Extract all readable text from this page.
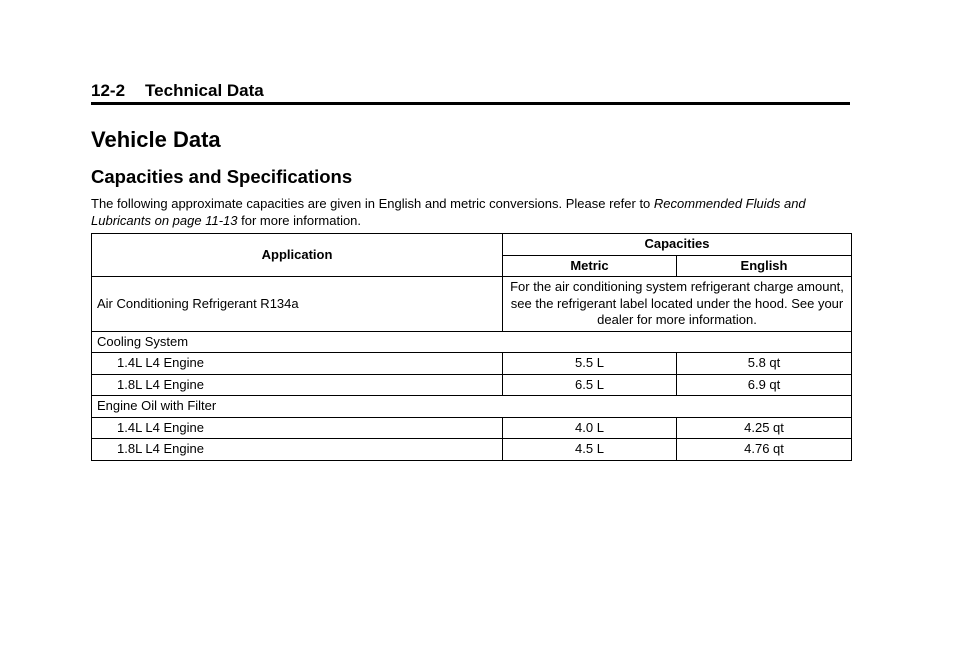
12-2 Technical Data
Vehicle Data
Capacities and Specifications

The following approximate capacities are given in English and metric conversions. Please refer to Recommended Fluids and Lubricants on page 11-13 for more information.

Application	Capacities	
	Metric	English
Air Conditioning Refrigerant R134a	For the air conditioning system refrigerant charge amount, see the refrigerant label located under the hood. See your dealer for more information.	
Cooling System		
1.4L L4 Engine	5.5 L	5.8 qt
1.8L L4 Engine	6.5 L	6.9 qt
Engine Oil with Filter		
1.4L L4 Engine	4.0 L	4.25 qt
1.8L L4 Engine	4.5 L	4.76 qt
